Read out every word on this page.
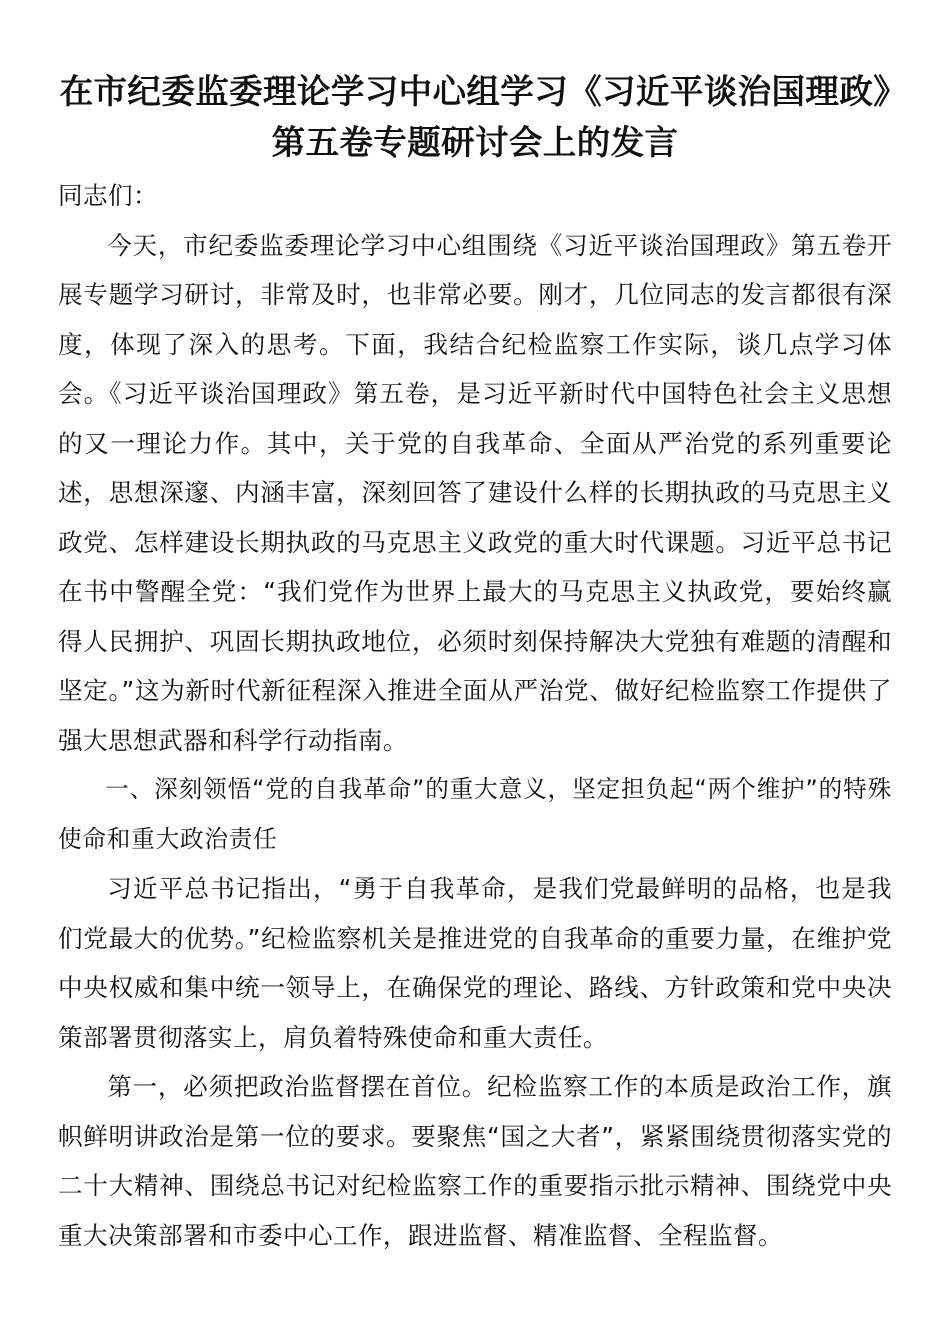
在市纪委监委理论学习中心组学习《习近平谈治国理政》第五卷专题研讨会上的发言

同志们：

今天，市纪委监委理论学习中心组围绕《习近平谈治国理政》第五卷开展专题学习研讨，非常及时，也非常必要。刚才，几位同志的发言都很有深度，体现了深入的思考。下面，我结合纪检监察工作实际，谈几点学习体会。《习近平谈治国理政》第五卷，是习近平新时代中国特色社会主义思想的又一理论力作。其中，关于党的自我革命、全面从严治党的系列重要论述，思想深邃、内涵丰富，深刻回答了建设什么样的长期执政的马克思主义政党、怎样建设长期执政的马克思主义政党的重大时代课题。习近平总书记在书中警醒全党：“我们党作为世界上最大的马克思主义执政党，要始终赢得人民拥护、巩固长期执政地位，必须时刻保持解决大党独有难题的清醒和坚定。”这为新时代新征程深入推进全面从严治党、做好纪检监察工作提供了强大思想武器和科学行动指南。

一、深刻领悟“党的自我革命”的重大意义，坚定担负起“两个维护”的特殊使命和重大政治责任

习近平总书记指出，“勇于自我革命，是我们党最鲜明的品格，也是我们党最大的优势。”纪检监察机关是推进党的自我革命的重要力量，在维护党中央权威和集中统一领导上，在确保党的理论、路线、方针政策和党中央决策部署贯彻落实上，肩负着特殊使命和重大责任。

第一，必须把政治监督摆在首位。纪检监察工作的本质是政治工作，旗帜鲜明讲政治是第一位的要求。要聚焦“国之大者”，紧紧围绕贯彻落实党的二十大精神、围绕总书记对纪检监察工作的重要指示批示精神、围绕党中央重大决策部署和市委中心工作，跟进监督、精准监督、全程监督。
